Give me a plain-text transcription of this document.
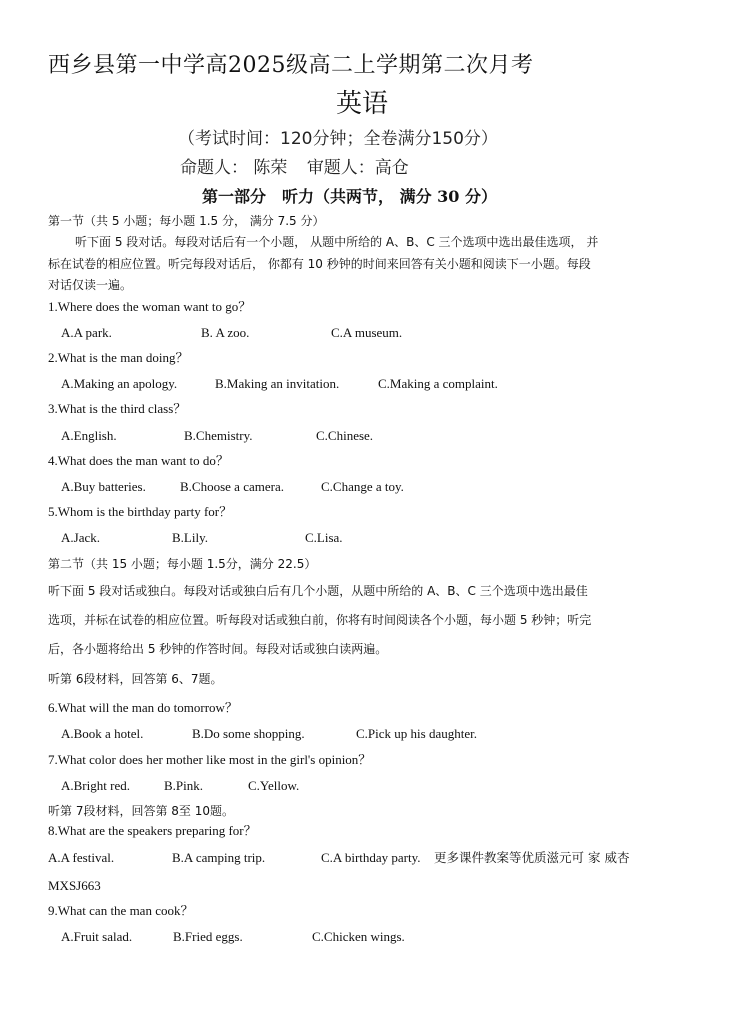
西乡县第一中学高2025级高二上学期第二次月考
英语
（考试时间：120分钟；全卷满分150分）
命题人： 陈荣 审题人：高仓
第一部分　听力（共两节， 满分 30 分）
第一节（共 5 小题；每小题 1.5 分， 满分 7.5 分）
听下面 5 段对话。每段对话后有一个小题， 从题中所给的 A、B、C 三个选项中选出最佳选项， 并
标在试卷的相应位置。听完每段对话后， 你都有 10 秒钟的时间来回答有关小题和阅读下一小题。每段
对话仅读一遍。
1.Where does the woman want to go？
A.A park.	B. A zoo.	C.A museum.
2.What is the man doing？
A.Making an apology.	B.Making an invitation.	C.Making a complaint.
3.What is the third class？
A.English.	B.Chemistry.	C.Chinese.
4.What does the man want to do？
A.Buy batteries.	B.Choose a camera.	C.Change a toy.
5.Whom is the birthday party for？
A.Jack.	B.Lily.	C.Lisa.
第二节（共 15 小题；每小题 1.5分，满分 22.5）
听下面 5 段对话或独白。每段对话或独白后有几个小题，从题中所给的 A、B、C 三个选项中选出最佳
选项，并标在试卷的相应位置。听每段对话或独白前，你将有时间阅读各个小题，每小题 5 秒钟；听完
后，各小题将给出 5 秒钟的作答时间。每段对话或独白读两遍。
听第 6段材料，回答第 6、7题。
6.What will the man do tomorrow？
A.Book a hotel.	B.Do some shopping.	C.Pick up his daughter.
7.What color does her mother like most in the girl's opinion？
A.Bright red.	B.Pink.	C.Yellow.
听第 7段材料，回答第 8至 10题。
8.What are the speakers preparing for？
A.A festival.	B.A camping trip.	C.A birthday party. 更多课件教案等优质滋元可 家 威杏
MXSJ663
9.What can the man cook？
A.Fruit salad.	B.Fried eggs.	C.Chicken wings.
